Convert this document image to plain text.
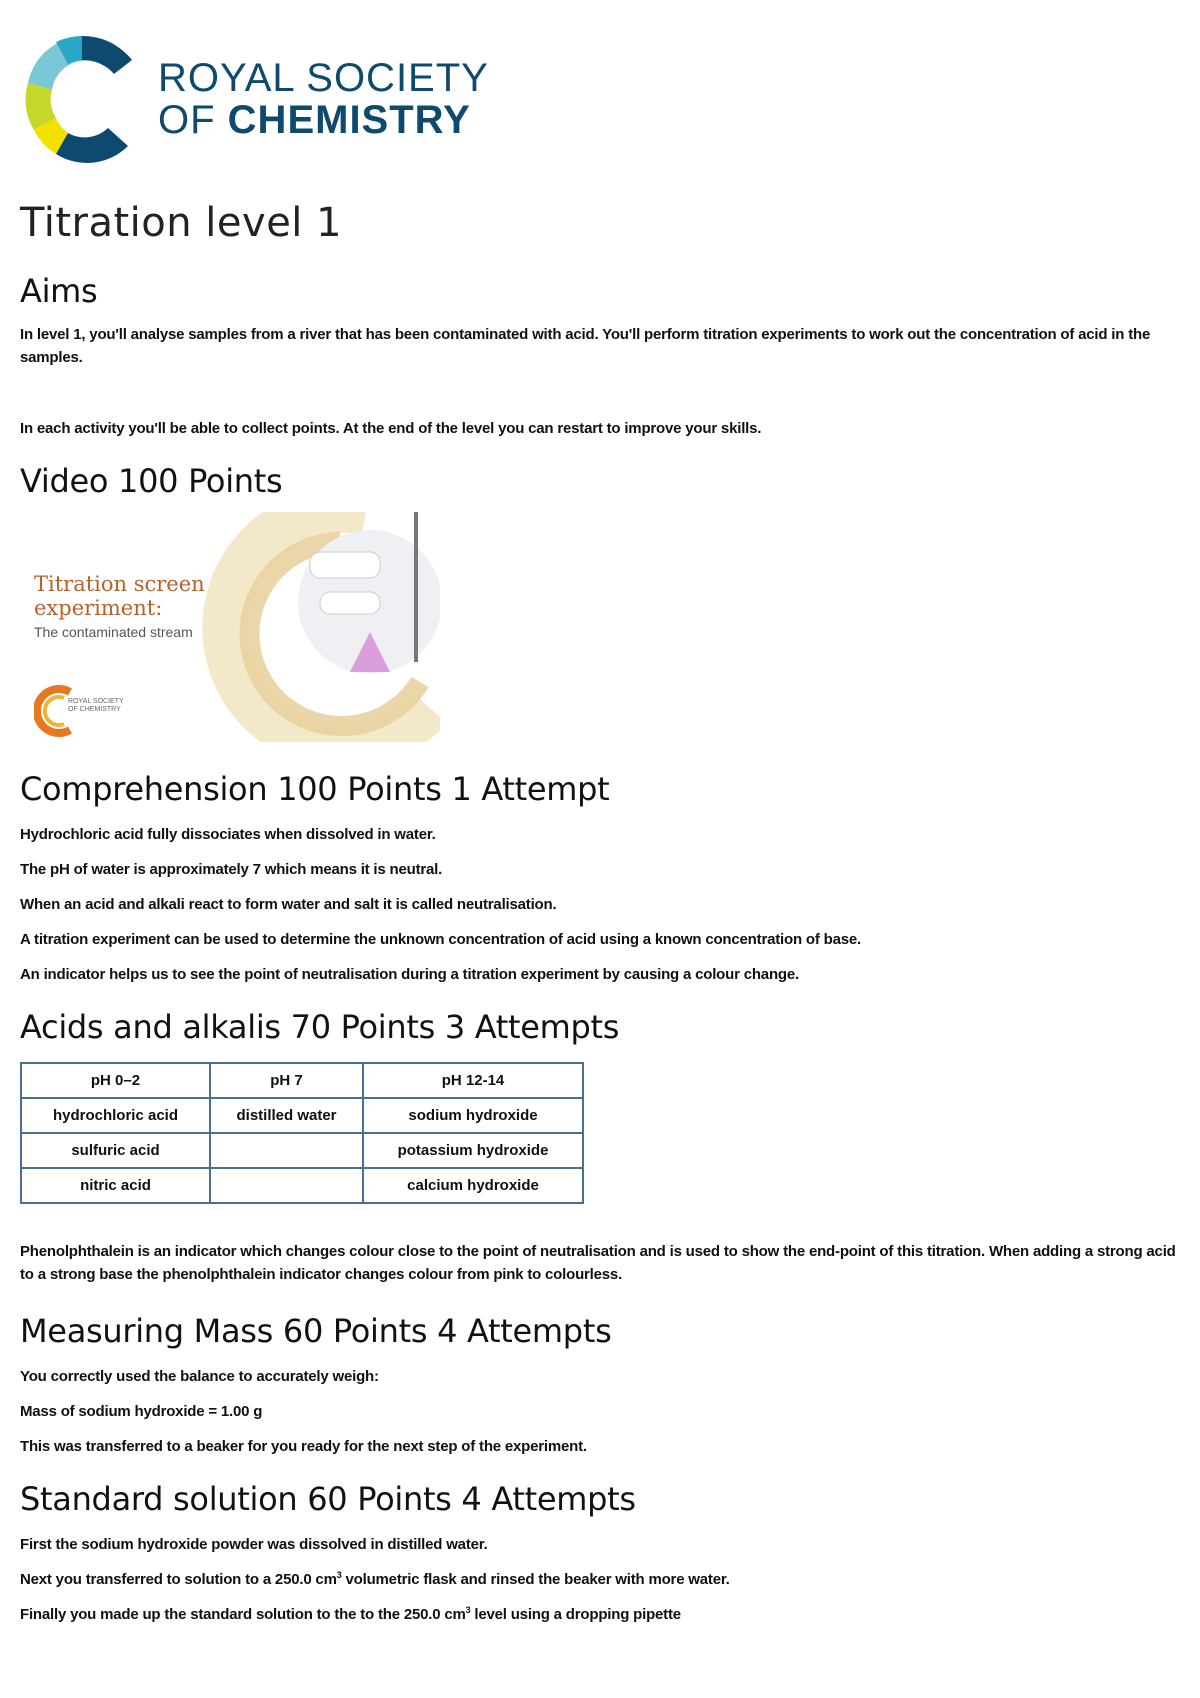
ROYAL SOCIETY
OF CHEMISTRY
Titration level 1
Aims

In level 1, you'll analyse samples from a river that has been contaminated with acid. You'll perform titration experiments to work out the concentration of acid in the samples.

In each activity you'll be able to collect points. At the end of the level you can restart to improve your skills.

Video 100 Points
Titration screen
experiment:
The contaminated stream
ROYAL SOCIETY
OF CHEMISTRY
Comprehension 100 Points 1 Attempt

Hydrochloric acid fully dissociates when dissolved in water.

The pH of water is approximately 7 which means it is neutral.

When an acid and alkali react to form water and salt it is called neutralisation.

A titration experiment can be used to determine the unknown concentration of acid using a known concentration of base.

An indicator helps us to see the point of neutralisation during a titration experiment by causing a colour change.

Acids and alkalis 70 Points 3 Attempts
pH 0–2	pH 7	pH 12-14
hydrochloric acid	distilled water	sodium hydroxide
sulfuric acid		potassium hydroxide
nitric acid		calcium hydroxide

Phenolphthalein is an indicator which changes colour close to the point of neutralisation and is used to show the end-point of this titration. When adding a strong acid to a strong base the phenolphthalein indicator changes colour from pink to colourless.

Measuring Mass 60 Points 4 Attempts

You correctly used the balance to accurately weigh:

Mass of sodium hydroxide = 1.00 g

This was transferred to a beaker for you ready for the next step of the experiment.

Standard solution 60 Points 4 Attempts

First the sodium hydroxide powder was dissolved in distilled water.

Next you transferred to solution to a 250.0 $cm^3$ volumetric flask and rinsed the beaker with more water.

Finally you made up the standard solution to the to the 250.0 $cm^3$ level using a dropping pipette
